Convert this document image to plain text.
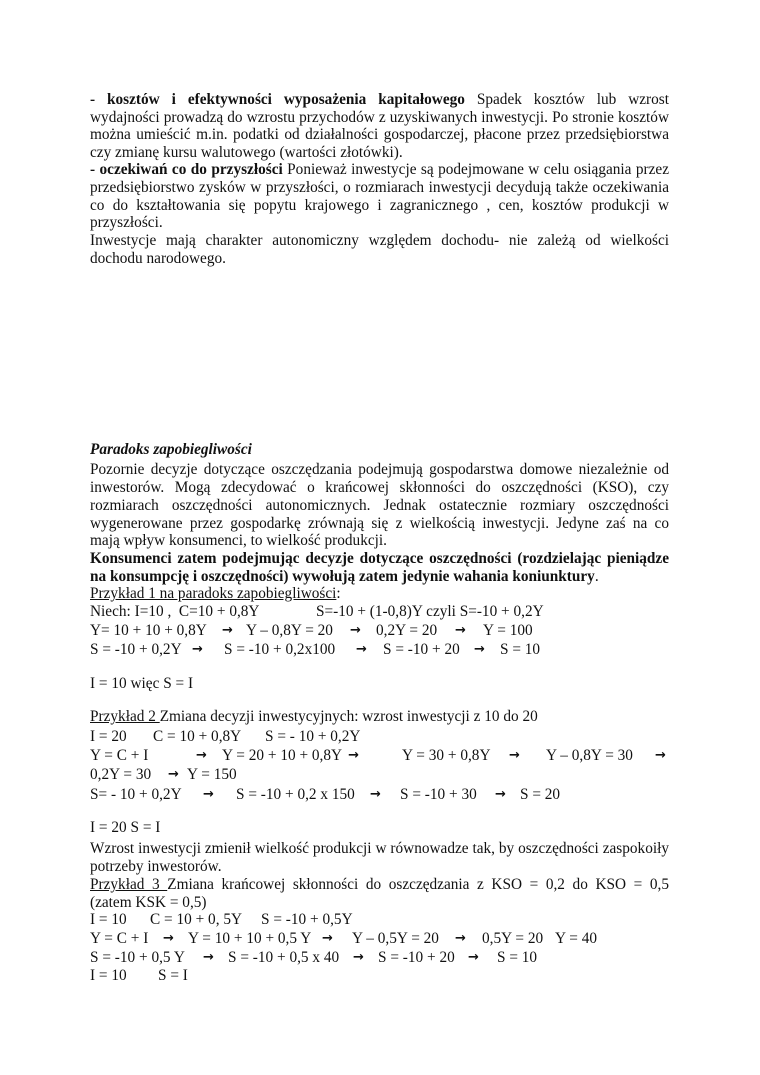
- kosztów i efektywności wyposażenia kapitałowego Spadek kosztów lub wzrost
wydajności prowadzą do wzrostu przychodów z uzyskiwanych inwestycji. Po stronie kosztów
można umieścić m.in. podatki od działalności gospodarczej, płacone przez przedsiębiorstwa
czy zmianę kursu walutowego (wartości złotówki).
- oczekiwań co do przyszłości Ponieważ inwestycje są podejmowane w celu osiągania przez
przedsiębiorstwo zysków w przyszłości, o rozmiarach inwestycji decydują także oczekiwania
co do kształtowania się popytu krajowego i zagranicznego , cen, kosztów produkcji w
przyszłości.
Inwestycje mają charakter autonomiczny względem dochodu- nie zależą od wielkości
dochodu narodowego.
Paradoks zapobiegliwości
Pozornie decyzje dotyczące oszczędzania podejmują gospodarstwa domowe niezależnie od
inwestorów. Mogą zdecydować o krańcowej skłonności do oszczędności (KSO), czy
rozmiarach oszczędności autonomicznych. Jednak ostatecznie rozmiary oszczędności
wygenerowane przez gospodarkę zrównają się z wielkością inwestycji. Jedyne zaś na co
mają wpływ konsumenci, to wielkość produkcji.
Konsumenci zatem podejmując decyzje dotyczące oszczędności (rozdzielając pieniądze
na konsumpcję i oszczędności) wywołują zatem jedynie wahania koniunktury.
Przykład 1 na paradoks zapobiegliwości:
Niech: I=10 ,  C=10 + 0,8Y	S=-10 + (1-0,8)Y czyli S=-10 + 0,2Y
Y= 10 + 10 + 0,8Y → Y – 0,8Y = 20 → 0,2Y = 20 → Y = 100
S = -10 + 0,2Y → S = -10 + 0,2x100 → S = -10 + 20 → S = 10
I = 10 więc S = I
Przykład 2 Zmiana decyzji inwestycyjnych: wzrost inwestycji z 10 do 20
I = 20 C = 10 + 0,8Y S = - 10 + 0,2Y
Y = C + I	→ Y = 20 + 10 + 0,8Y →	Y = 30 + 0,8Y → Y – 0,8Y = 30 →
0,2Y = 30 → Y = 150
S= - 10 + 0,2Y → S = -10 + 0,2 x 150 → S = -10 + 30 → S = 20
I = 20 S = I
Wzrost inwestycji zmienił wielkość produkcji w równowadze tak, by oszczędności zaspokoiły
potrzeby inwestorów.
Przykład 3 Zmiana krańcowej skłonności do oszczędzania z KSO = 0,2 do KSO = 0,5
(zatem KSK = 0,5)
I = 10 C = 10 + 0, 5Y S = -10 + 0,5Y
Y = C + I → Y = 10 + 10 + 0,5 Y → Y – 0,5Y = 20 → 0,5Y = 20 Y = 40
S = -10 + 0,5 Y → S = -10 + 0,5 x 40 → S = -10 + 20 → S = 10
I = 10 S = I
